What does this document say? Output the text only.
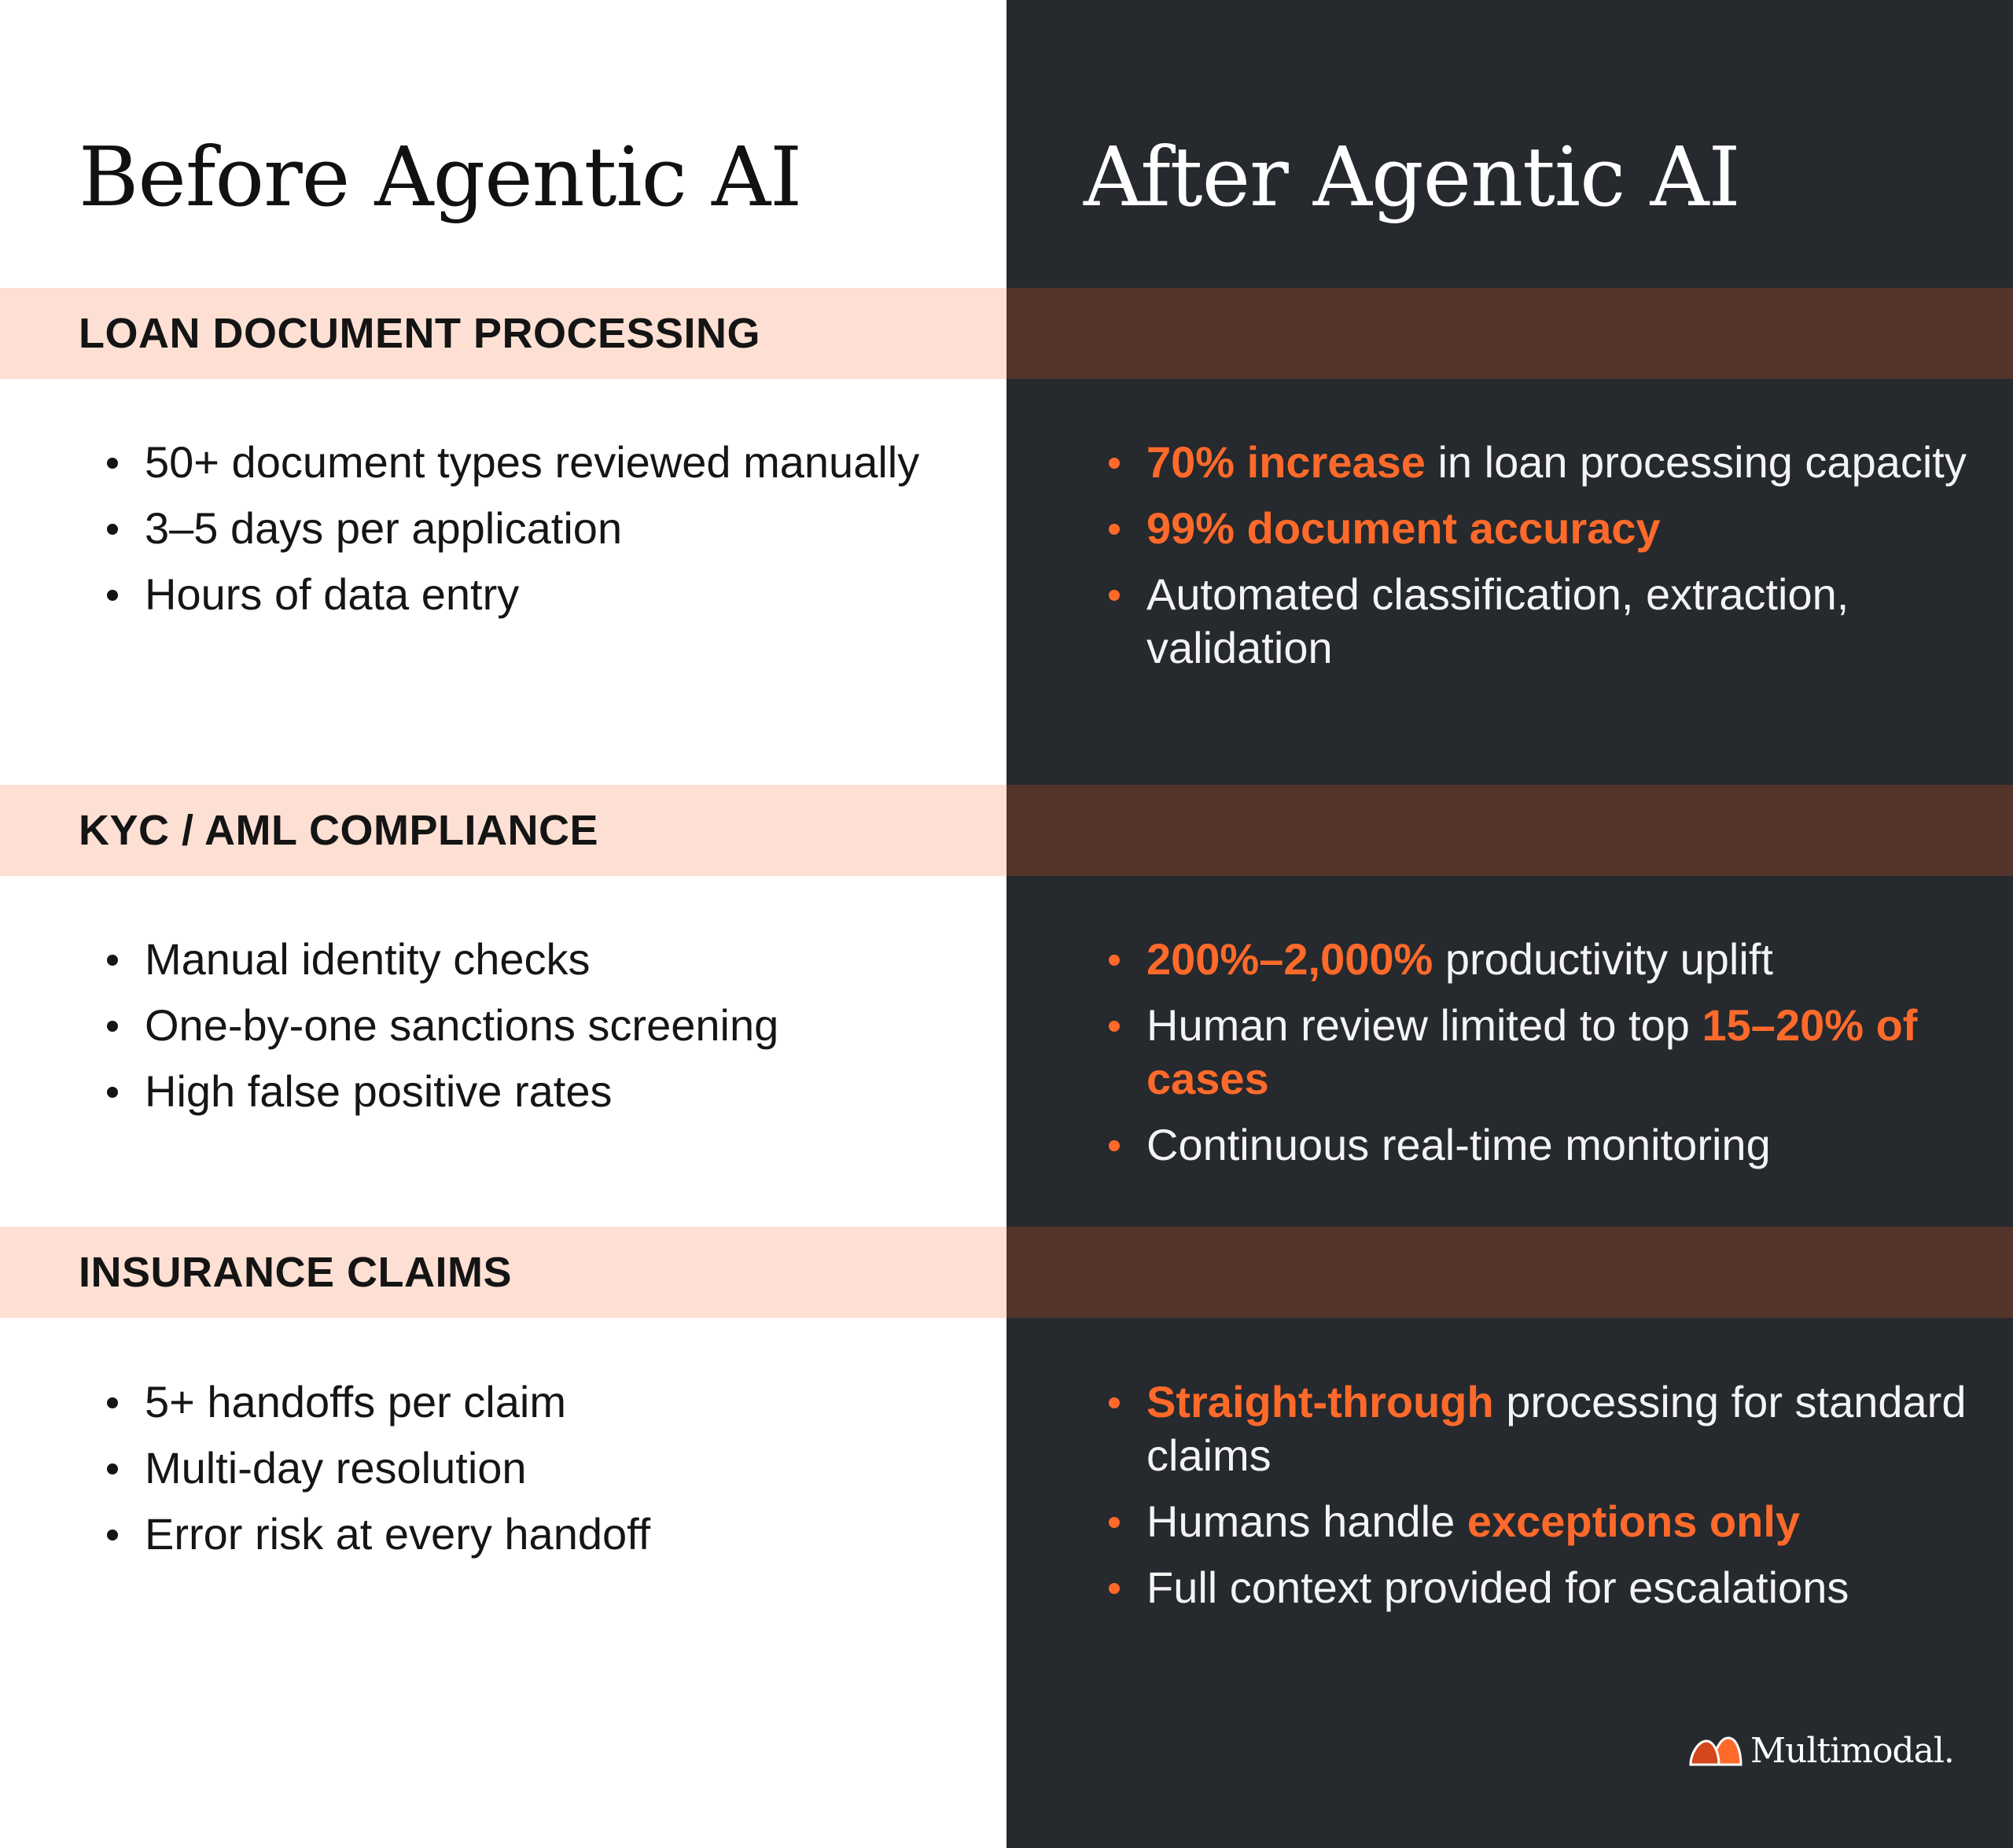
Before Agentic AI	After Agentic AI

LOAN DOCUMENT PROCESSING

50+ document types reviewed manually
3–5 days per application
Hours of data entry
70% increase in loan processing capacity
99% document accuracy
Automated classification, extraction, validation

KYC / AML COMPLIANCE

Manual identity checks
One-by-one sanctions screening
High false positive rates
200%–2,000% productivity uplift
Human review limited to top 15–20% of cases
Continuous real-time monitoring

INSURANCE CLAIMS

5+ handoffs per claim
Multi-day resolution
Error risk at every handoff
Straight-through processing for standard claims
Humans handle exceptions only
Full context provided for escalations
Multimodal.
